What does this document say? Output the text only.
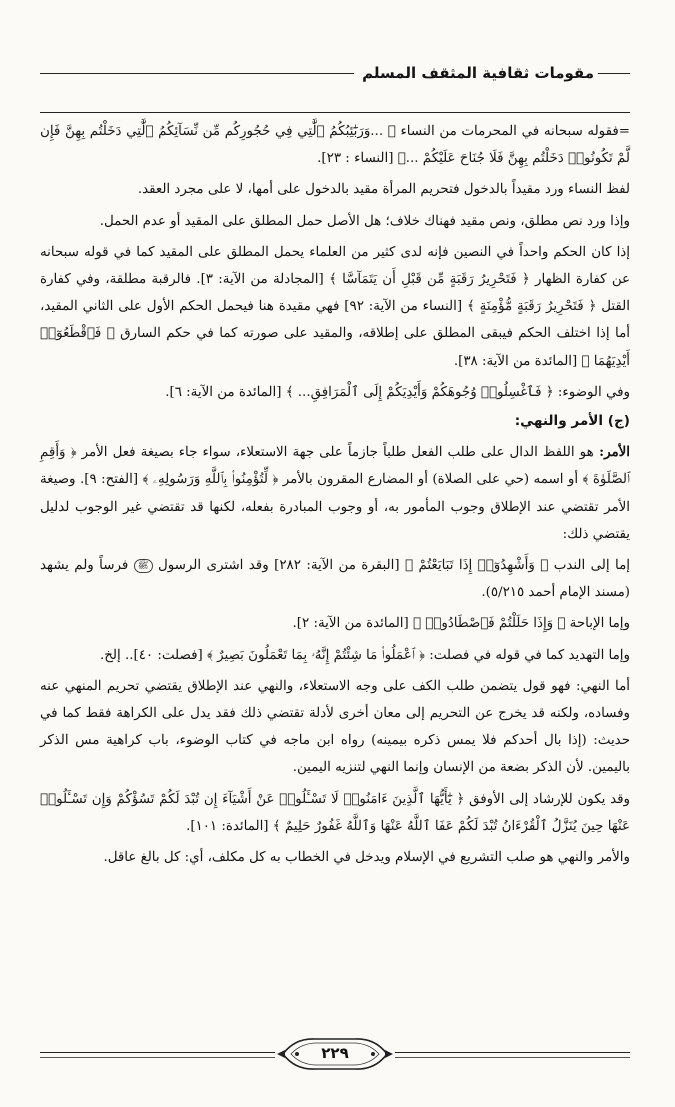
مقومات ثقافية المثقف المسلم

=فقوله سبحانه في المحرمات من النساء ﴿ ...وَرَبَٰٓئِبُكُمُ ٱلَّٰتِي فِي حُجُورِكُم مِّن نِّسَآئِكُمُ ٱلَّٰتِي دَخَلْتُم بِهِنَّ فَإِن لَّمْ تَكُونُوا۟ دَخَلْتُم بِهِنَّ فَلَا جُنَاحَ عَلَيْكُمْ ...﴾ [النساء : ٢٣].

لفظ النساء ورد مقيداً بالدخول فتحريم المرأة مقيد بالدخول على أمها، لا على مجرد العقد.

وإذا ورد نص مطلق، ونص مقيد فهناك خلاف؛ هل الأصل حمل المطلق على المقيد أو عدم الحمل.

إذا كان الحكم واحداً في النصين فإنه لدى كثير من العلماء يحمل المطلق على المقيد كما في قوله سبحانه عن كفارة الظهار ﴿ فَتَحْرِيرُ رَقَبَةٍ مِّن قَبْلِ أَن يَتَمَآسَّا ﴾ [المجادلة من الآية: ٣]. فالرقبة مطلقة، وفي كفارة القتل ﴿ فَتَحْرِيرُ رَقَبَةٍ مُّؤْمِنَةٍ ﴾ [النساء من الآية: ٩٢] فهي مقيدة هنا فيحمل الحكم الأول على الثاني المقيد، أما إذا اختلف الحكم فيبقى المطلق على إطلاقه، والمقيد على صورته كما في حكم السارق ﴿ فَٱقْطَعُوٓا۟ أَيْدِيَهُمَا ﴾ [المائدة من الآية: ٣٨].

وفي الوضوء: ﴿ فَٱغْسِلُوا۟ وُجُوهَكُمْ وَأَيْدِيَكُمْ إِلَى ٱلْمَرَافِقِ... ﴾ [المائدة من الآية: ٦].

(ج) الأمر والنهي:

الأمر: هو اللفظ الدال على طلب الفعل طلباً جازماً على جهة الاستعلاء، سواء جاء بصيغة فعل الأمر ﴿ وَأَقِمِ ٱلصَّلَوٰةَ ﴾ أو اسمه (حي على الصلاة) أو المضارع المقرون بالأمر ﴿ لِّتُؤْمِنُوا۟ بِٱللَّهِ وَرَسُولِهِۦ ﴾ [الفتح: ٩]. وصيغة الأمر تقتضي عند الإطلاق وجوب المأمور به، أو وجوب المبادرة بفعله، لكنها قد تقتضي غير الوجوب لدليل يقتضي ذلك:

إما إلى الندب ﴿ وَأَشْهِدُوٓا۟ إِذَا تَبَايَعْتُمْ ﴾ [البقرة من الآية: ٢٨٢] وقد اشترى الرسول ﷺ فرساً ولم يشهد (مسند الإمام أحمد ٥/٢١٥).

وإما الإباحة ﴿ وَإِذَا حَلَلْتُمْ فَٱصْطَادُوا۟ ﴾ [المائدة من الآية: ٢].

وإما التهديد كما في قوله في فصلت: ﴿ ٱعْمَلُوا۟ مَا شِئْتُمْ إِنَّهُۥ بِمَا تَعْمَلُونَ بَصِيرٌ ﴾ [فصلت: ٤٠].. إلخ.

أما النهي: فهو قول يتضمن طلب الكف على وجه الاستعلاء، والنهي عند الإطلاق يقتضي تحريم المنهي عنه وفساده، ولكنه قد يخرج عن التحريم إلى معان أخرى لأدلة تقتضي ذلك فقد يدل على الكراهة فقط كما في حديث: (إذا بال أحدكم فلا يمس ذكره بيمينه) رواه ابن ماجه في كتاب الوضوء، باب كراهية مس الذكر باليمين. لأن الذكر بضعة من الإنسان وإنما النهي لتنزيه اليمين.

وقد يكون للإرشاد إلى الأوفق ﴿ يَٰٓأَيُّهَا ٱلَّذِينَ ءَامَنُوا۟ لَا تَسْـَٔلُوا۟ عَنْ أَشْيَآءَ إِن تُبْدَ لَكُمْ تَسُؤْكُمْ وَإِن تَسْـَٔلُوا۟ عَنْهَا حِينَ يُنَزَّلُ ٱلْقُرْءَانُ تُبْدَ لَكُمْ عَفَا ٱللَّهُ عَنْهَا وَٱللَّهُ غَفُورٌ حَلِيمٌ ﴾ [المائدة: ١٠١].

والأمر والنهي هو صلب التشريع في الإسلام ويدخل في الخطاب به كل مكلف، أي: كل بالغ عاقل.

٢٢٩
